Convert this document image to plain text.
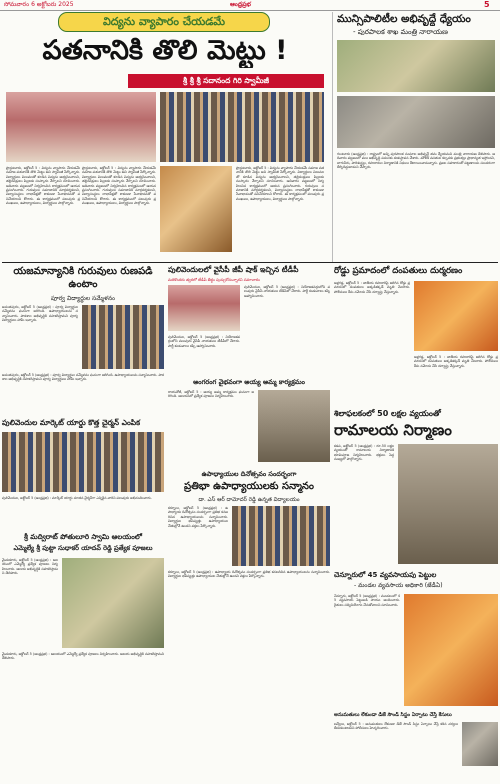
సోమవారం 6 అక్టోబరు 2025	ఆంధ్రప్రభ	5
విద్యను వ్యాపారం చేయడమే
పతనానికి తొలి మెట్టు !
శ్రీ శ్రీ శ్రీ సదానంద గిరి స్వామీజీ
ప్రొద్దుటూరు, అక్టోబర్ 5 : విద్యను వ్యాపారం చేయడమే సమాజ పతనానికి తొలి మెట్టు అని స్వామీజీ పేర్కొన్నారు. విద్యార్థులు విలువలతో కూడిన విద్యను అభ్యసించాలని, తల్లిదండ్రులు పిల్లలకు సంస్కారం నేర్పాలని సూచించారు. ఆదివారం పట్టణంలో నిర్వహించిన కార్యక్రమంలో ఆయన ప్రసంగించారు. గురువులు సమాజానికి మార్గదర్శకులని, విద్యాసంస్థలు లాభాపేక్షతో కాకుండా సేవాభావంతో పనిచేయాలని కోరారు. ఈ కార్యక్రమంలో పలువురు ప్రముఖులు, ఉపాధ్యాయులు, విద్యార్థులు పాల్గొన్నారు.
ప్రొద్దుటూరు, అక్టోబర్ 5 : విద్యను వ్యాపారం చేయడమే సమాజ పతనానికి తొలి మెట్టు అని స్వామీజీ పేర్కొన్నారు. విద్యార్థులు విలువలతో కూడిన విద్యను అభ్యసించాలని, తల్లిదండ్రులు పిల్లలకు సంస్కారం నేర్పాలని సూచించారు. ఆదివారం పట్టణంలో నిర్వహించిన కార్యక్రమంలో ఆయన ప్రసంగించారు. గురువులు సమాజానికి మార్గదర్శకులని, విద్యాసంస్థలు లాభాపేక్షతో కాకుండా సేవాభావంతో పనిచేయాలని కోరారు. ఈ కార్యక్రమంలో పలువురు ప్రముఖులు, ఉపాధ్యాయులు, విద్యార్థులు పాల్గొన్నారు.
ప్రొద్దుటూరు, అక్టోబర్ 5 : విద్యను వ్యాపారం చేయడమే సమాజ పతనానికి తొలి మెట్టు అని స్వామీజీ పేర్కొన్నారు. విద్యార్థులు విలువలతో కూడిన విద్యను అభ్యసించాలని, తల్లిదండ్రులు పిల్లలకు సంస్కారం నేర్పాలని సూచించారు. ఆదివారం పట్టణంలో నిర్వహించిన కార్యక్రమంలో ఆయన ప్రసంగించారు. గురువులు సమాజానికి మార్గదర్శకులని, విద్యాసంస్థలు లాభాపేక్షతో కాకుండా సేవాభావంతో పనిచేయాలని కోరారు. ఈ కార్యక్రమంలో పలువురు ప్రముఖులు, ఉపాధ్యాయులు, విద్యార్థులు పాల్గొన్నారు.
మున్సిపాలిటీల అభివృద్ధే ధ్యేయం
- పురపాలక శాఖ మంత్రి నారాయణ
గుంటూరు (ఆంధ్రప్రభ) : రాష్ట్రంలో అన్ని పురపాలక సంఘాల అభివృద్ధే తమ ధ్యేయమని మంత్రి నారాయణ తెలిపారు. ఆదివారం పట్టణంలో పలు అభివృద్ధి పనులకు శంకుస్థాపన చేశారు. మౌలిక వసతుల కల్పనకు ప్రభుత్వం ప్రాధాన్యత ఇస్తోందని, తాగునీరు, పారిశుద్ధ్యం, రహదారుల నిర్మాణానికి నిధులు కేటాయించామన్నారు. ప్రజల సహకారంతో పట్టణాలను సుందరంగా తీర్చిదిద్దుతామని చెప్పారు.
యజమాన్యానికి గురువులు రుణపడి ఉంటాం
పూర్వ విద్యార్థుల సమ్మేళనం
అనంతపురం, అక్టోబర్ 5 (ఆంధ్రప్రభ) : పూర్వ విద్యార్థుల సమ్మేళనం ఘనంగా జరిగింది. ఉపాధ్యాయులను సన్మానించారు. పాఠశాల అభివృద్ధికి సహకరిస్తామని పూర్వ విద్యార్థులు హామీ ఇచ్చారు.
అనంతపురం, అక్టోబర్ 5 (ఆంధ్రప్రభ) : పూర్వ విద్యార్థుల సమ్మేళనం ఘనంగా జరిగింది. ఉపాధ్యాయులను సన్మానించారు. పాఠశాల అభివృద్ధికి సహకరిస్తామని పూర్వ విద్యార్థులు హామీ ఇచ్చారు.
పులివెందులలో వైసీపీ జీపీ షాక్ ఇచ్చిన టీడీపీ
మరికొందరు త్వరలో టీడీపీ తీర్థం పుచ్చుకోనున్నారని సమాచారం
పులివెందుల, అక్టోబర్ 5 (ఆంధ్రప్రభ) : నియోజకవర్గంలోని పలువురు వైసీపీ నాయకులు టీడీపీలో చేరారు. పార్టీ కండువాలు కప్పి ఆహ్వానించారు.
పులివెందుల, అక్టోబర్ 5 (ఆంధ్రప్రభ) : నియోజకవర్గంలోని పలువురు వైసీపీ నాయకులు టీడీపీలో చేరారు. పార్టీ కండువాలు కప్పి ఆహ్వానించారు.
రోడ్డు ప్రమాదంలో దంపతులు దుర్మరణం
ఆళ్లగడ్డ, అక్టోబర్ 5 : జాతీయ రహదారిపై జరిగిన రోడ్డు ప్రమాదంలో దంపతులు అక్కడికక్కడే మృతి చెందారు. పోలీసులు కేసు నమోదు చేసి దర్యాప్తు చేస్తున్నారు.
ఆళ్లగడ్డ, అక్టోబర్ 5 : జాతీయ రహదారిపై జరిగిన రోడ్డు ప్రమాదంలో దంపతులు అక్కడికక్కడే మృతి చెందారు. పోలీసులు కేసు నమోదు చేసి దర్యాప్తు చేస్తున్నారు.
అంగరంగ వైభవంగా అయ్య అమ్మ కార్యక్రమం
రాయచోటి, అక్టోబర్ 5 : అయ్య అమ్మ కార్యక్రమం ఘనంగా జరిగింది. ఆలయంలో ప్రత్యేక పూజలు నిర్వహించారు.
శిలాఫలకంలో 50 లక్షల వ్యయంతో
రామాలయ నిర్మాణం
కడప, అక్టోబర్ 5 (ఆంధ్రప్రభ) : రూ.50 లక్షల వ్యయంతో రామాలయ నిర్మాణానికి భూమిపూజ నిర్వహించారు. భక్తులు పెద్ద సంఖ్యలో పాల్గొన్నారు.
పులివెందుల మార్కెట్ యార్డు కొత్త చైర్మన్ ఎంపిక
పులివెందుల, అక్టోబర్ 5 (ఆంధ్రప్రభ) : మార్కెట్ యార్డు నూతన చైర్మన్‌గా ఎన్నికైన వారిని పలువురు అభినందించారు.
ఉపాధ్యాయుల దినోత్సవం సందర్భంగా
ప్రతిభా ఉపాధ్యాయులకు సన్మానం
డా. ఎస్ ఆర్ దామోదర్ రెడ్డి ఉన్నత విద్యాలయం
కర్నూలు, అక్టోబర్ 5 (ఆంధ్రప్రభ) : ఉపాధ్యాయ దినోత్సవం సందర్భంగా ప్రతిభ కనబరిచిన ఉపాధ్యాయులను సన్మానించారు. విద్యార్థుల భవిష్యత్తు ఉపాధ్యాయుల చేతుల్లోనే ఉందని వక్తలు పేర్కొన్నారు.
కర్నూలు, అక్టోబర్ 5 (ఆంధ్రప్రభ) : ఉపాధ్యాయ దినోత్సవం సందర్భంగా ప్రతిభ కనబరిచిన ఉపాధ్యాయులను సన్మానించారు. విద్యార్థుల భవిష్యత్తు ఉపాధ్యాయుల చేతుల్లోనే ఉందని వక్తలు పేర్కొన్నారు.
శ్రీ మద్విరాట్ పోతులూరి స్వామి ఆలయంలో
ఎమ్మెల్యే శ్రీ పుట్టా సుధాకర్ యాదవ్ రెడ్డి ప్రత్యేక పూజలు
మైదుకూరు, అక్టోబర్ 5 (ఆంధ్రప్రభ) : ఆలయంలో ఎమ్మెల్యే ప్రత్యేక పూజలు నిర్వహించారు. ఆలయ అభివృద్ధికి సహకరిస్తామని తెలిపారు.
మైదుకూరు, అక్టోబర్ 5 (ఆంధ్రప్రభ) : ఆలయంలో ఎమ్మెల్యే ప్రత్యేక పూజలు నిర్వహించారు. ఆలయ అభివృద్ధికి సహకరిస్తామని తెలిపారు.
చెన్నూరులో 45 వ్యవసాయపు పెట్టుల
- మండల వ్యవసాయ అధికారి (జేడీఏ)
చెన్నూరు, అక్టోబర్ 5 (ఆంధ్రప్రభ) : మండలంలో 45 వ్యవసాయ పెట్టుబడి సాయం అందించారు. రైతులు సద్వినియోగం చేసుకోవాలని సూచించారు.
అనుమతులు లేకుండా డీజే సౌండ్ సిస్టం ఏర్పాటు చేస్తే కేసులు
బద్వేలు, అక్టోబర్ 5 : అనుమతులు లేకుండా డీజే సౌండ్ సిస్టం ఏర్పాటు చేస్తే కఠిన చర్యలు తీసుకుంటామని పోలీసులు హెచ్చరించారు.
